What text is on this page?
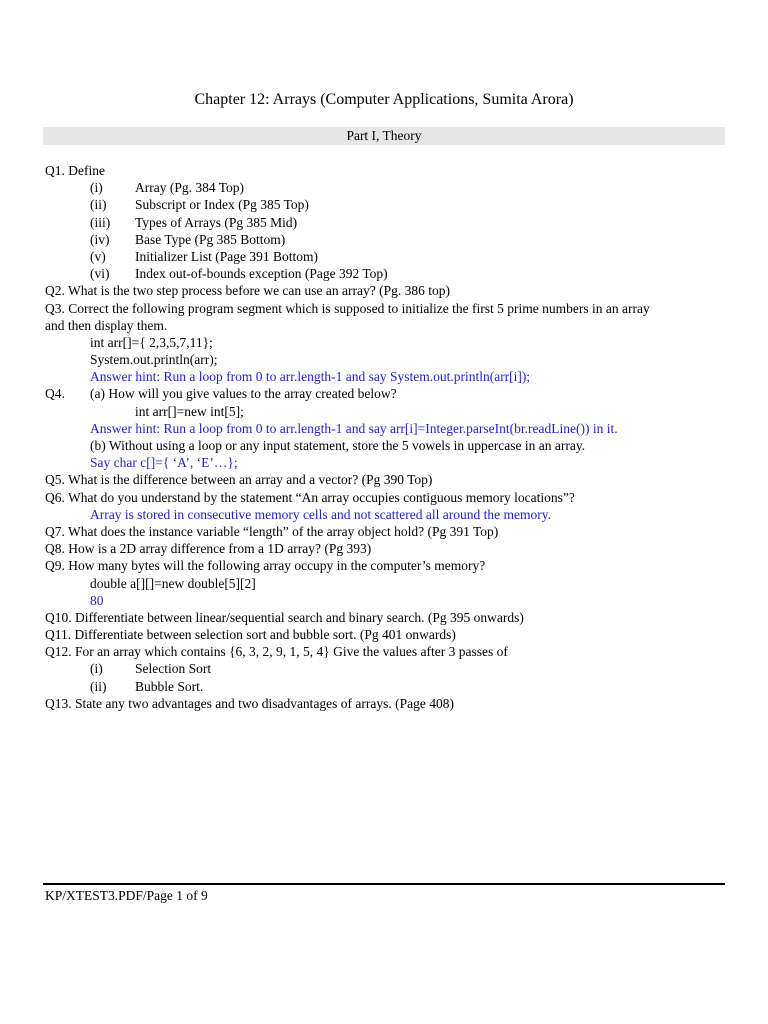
Chapter 12: Arrays (Computer Applications, Sumita Arora)
Part I, Theory
Q1. Define
(i) Array (Pg. 384 Top)
(ii) Subscript or Index (Pg 385 Top)
(iii) Types of Arrays (Pg 385 Mid)
(iv) Base Type (Pg 385 Bottom)
(v) Initializer List (Page 391 Bottom)
(vi) Index out-of-bounds exception (Page 392 Top)
Q2. What is the two step process before we can use an array? (Pg. 386 top)
Q3. Correct the following program segment which is supposed to initialize the first 5 prime numbers in an array
and then display them.
int arr[]={ 2,3,5,7,11};
System.out.println(arr);
Answer hint: Run a loop from 0 to arr.length-1 and say System.out.println(arr[i]);
Q4. (a) How will you give values to the array created below?
int arr[]=new int[5];
Answer hint: Run a loop from 0 to arr.length-1 and say arr[i]=Integer.parseInt(br.readLine()) in it.
(b) Without using a loop or any input statement, store the 5 vowels in uppercase in an array.
Say char c[]={ ‘A’, ‘E’…};
Q5. What is the difference between an array and a vector? (Pg 390 Top)
Q6. What do you understand by the statement “An array occupies contiguous memory locations”?
Array is stored in consecutive memory cells and not scattered all around the memory.
Q7. What does the instance variable “length” of the array object hold? (Pg 391 Top)
Q8. How is a 2D array difference from a 1D array? (Pg 393)
Q9. How many bytes will the following array occupy in the computer’s memory?
double a[][]=new double[5][2]
80
Q10. Differentiate between linear/sequential search and binary search. (Pg 395 onwards)
Q11. Differentiate between selection sort and bubble sort. (Pg 401 onwards)
Q12. For an array which contains {6, 3, 2, 9, 1, 5, 4} Give the values after 3 passes of
(i) Selection Sort
(ii) Bubble Sort.
Q13. State any two advantages and two disadvantages of arrays. (Page 408)
KP/XTEST3.PDF/Page 1 of 9
